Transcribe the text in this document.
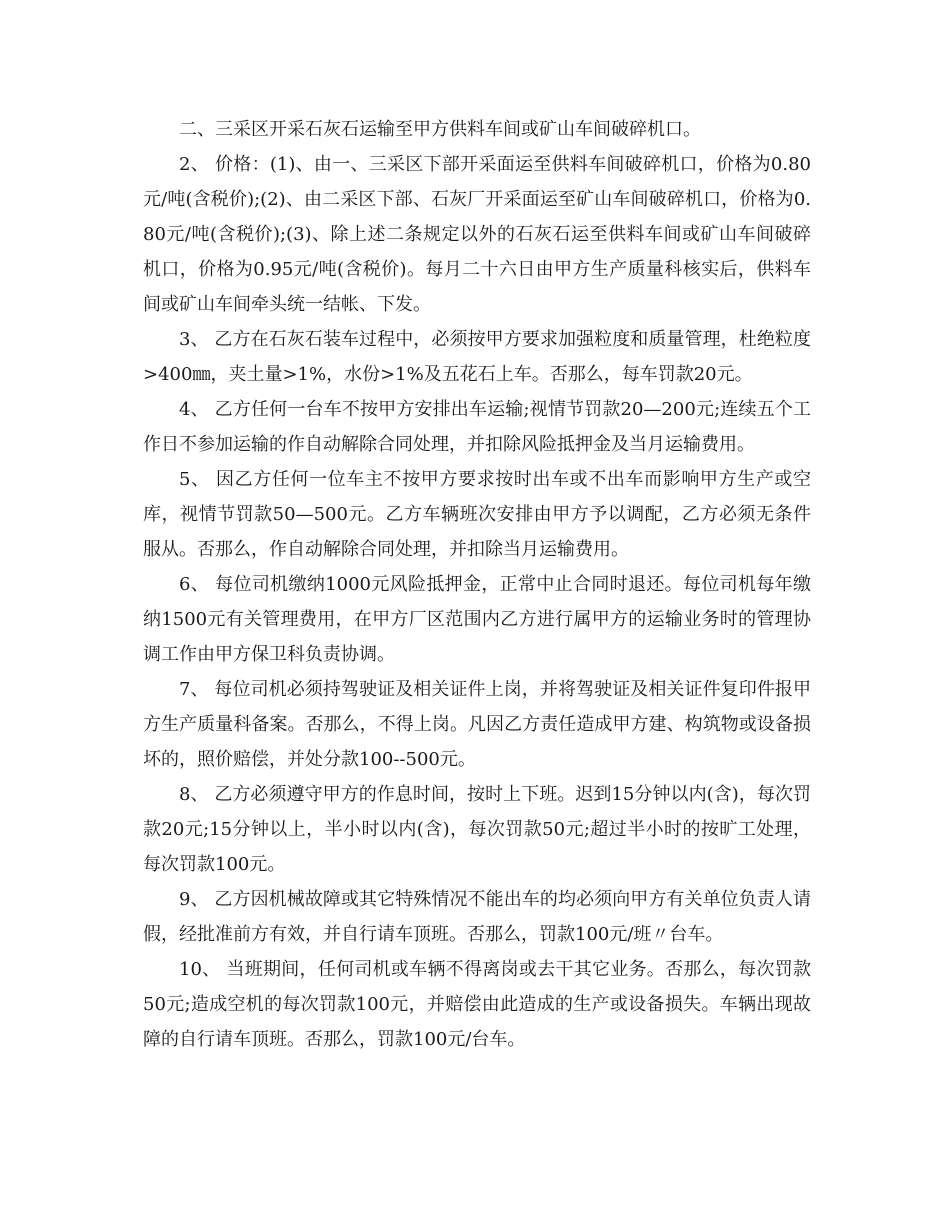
二、三采区开采石灰石运输至甲方供料车间或矿山车间破碎机口。

2、 价格：(1)、由一、三采区下部开采面运至供料车间破碎机口，价格为0.80元/吨(含税价);(2)、由二采区下部、石灰厂开采面运至矿山车间破碎机口，价格为0.80元/吨(含税价);(3)、除上述二条规定以外的石灰石运至供料车间或矿山车间破碎机口，价格为0.95元/吨(含税价)。每月二十六日由甲方生产质量科核实后，供料车间或矿山车间牵头统一结帐、下发。

3、 乙方在石灰石装车过程中，必须按甲方要求加强粒度和质量管理，杜绝粒度>400㎜，夹土量>1%，水份>1%及五花石上车。否那么，每车罚款20元。

4、 乙方任何一台车不按甲方安排出车运输;视情节罚款20—200元;连续五个工作日不参加运输的作自动解除合同处理，并扣除风险抵押金及当月运输费用。

5、 因乙方任何一位车主不按甲方要求按时出车或不出车而影响甲方生产或空库，视情节罚款50—500元。乙方车辆班次安排由甲方予以调配，乙方必须无条件服从。否那么，作自动解除合同处理，并扣除当月运输费用。

6、 每位司机缴纳1000元风险抵押金，正常中止合同时退还。每位司机每年缴纳1500元有关管理费用，在甲方厂区范围内乙方进行属甲方的运输业务时的管理协调工作由甲方保卫科负责协调。

7、 每位司机必须持驾驶证及相关证件上岗，并将驾驶证及相关证件复印件报甲方生产质量科备案。否那么，不得上岗。凡因乙方责任造成甲方建、构筑物或设备损坏的，照价赔偿，并处分款100--500元。

8、 乙方必须遵守甲方的作息时间，按时上下班。迟到15分钟以内(含)，每次罚款20元;15分钟以上，半小时以内(含)，每次罚款50元;超过半小时的按旷工处理，每次罚款100元。

9、 乙方因机械故障或其它特殊情况不能出车的均必须向甲方有关单位负责人请假，经批准前方有效，并自行请车顶班。否那么，罚款100元/班〃台车。

10、 当班期间，任何司机或车辆不得离岗或去干其它业务。否那么，每次罚款50元;造成空机的每次罚款100元，并赔偿由此造成的生产或设备损失。车辆出现故障的自行请车顶班。否那么，罚款100元/台车。
